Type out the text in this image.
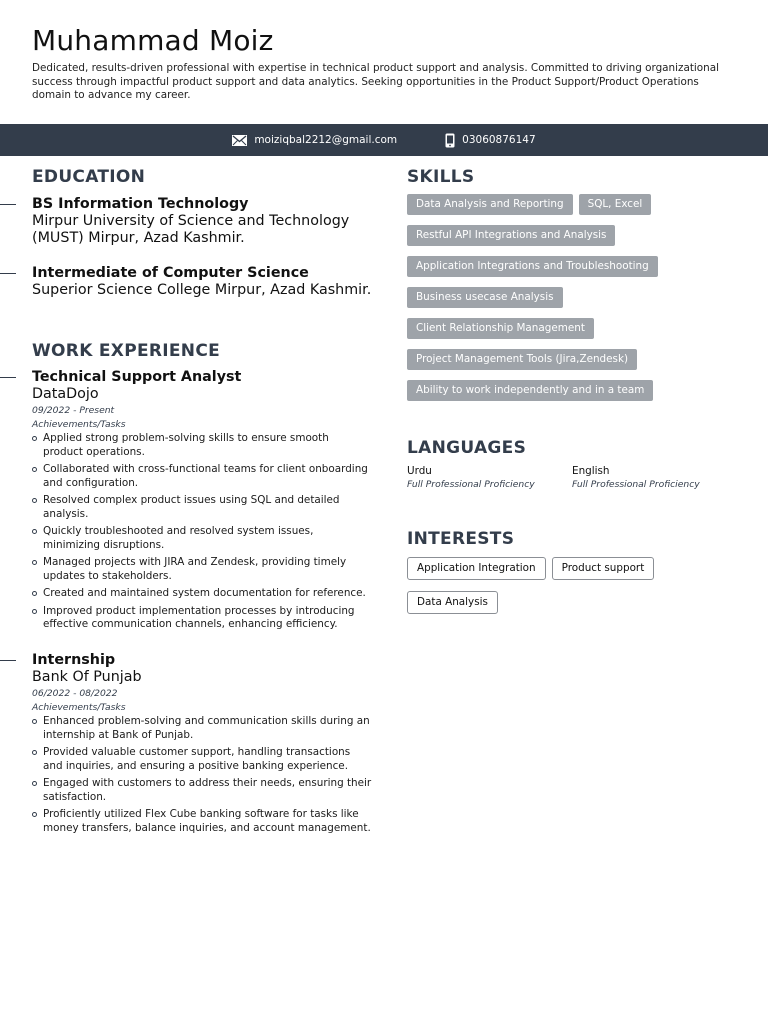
Muhammad Moiz

Dedicated, results-driven professional with expertise in technical product support and analysis. Committed to driving organizational success through impactful product support and data analytics. Seeking opportunities in the Product Support/Product Operations domain to advance my career.

moiziqbal2212@gmail.com	03060876147
EDUCATION
BS Information Technology
Mirpur University of Science and Technology (MUST) Mirpur, Azad Kashmir.
Intermediate of Computer Science
Superior Science College Mirpur, Azad Kashmir.
WORK EXPERIENCE
Technical Support Analyst
DataDojo
09/2022 - Present
Achievements/Tasks
Applied strong problem-solving skills to ensure smooth product operations.
Collaborated with cross-functional teams for client onboarding and configuration.
Resolved complex product issues using SQL and detailed analysis.
Quickly troubleshooted and resolved system issues, minimizing disruptions.
Managed projects with JIRA and Zendesk, providing timely updates to stakeholders.
Created and maintained system documentation for reference.
Improved product implementation processes by introducing effective communication channels, enhancing efficiency.
Internship
Bank Of Punjab
06/2022 - 08/2022
Achievements/Tasks
Enhanced problem-solving and communication skills during an internship at Bank of Punjab.
Provided valuable customer support, handling transactions and inquiries, and ensuring a positive banking experience.
Engaged with customers to address their needs, ensuring their satisfaction.
Proficiently utilized Flex Cube banking software for tasks like money transfers, balance inquiries, and account management.
SKILLS
Data Analysis and Reporting	SQL, Excel
Restful API Integrations and Analysis
Application Integrations and Troubleshooting
Business usecase Analysis
Client Relationship Management
Project Management Tools (Jira,Zendesk)
Ability to work independently and in a team
LANGUAGES
Urdu
Full Professional Proficiency
English
Full Professional Proficiency
INTERESTS
Application Integration	Product support
Data Analysis
